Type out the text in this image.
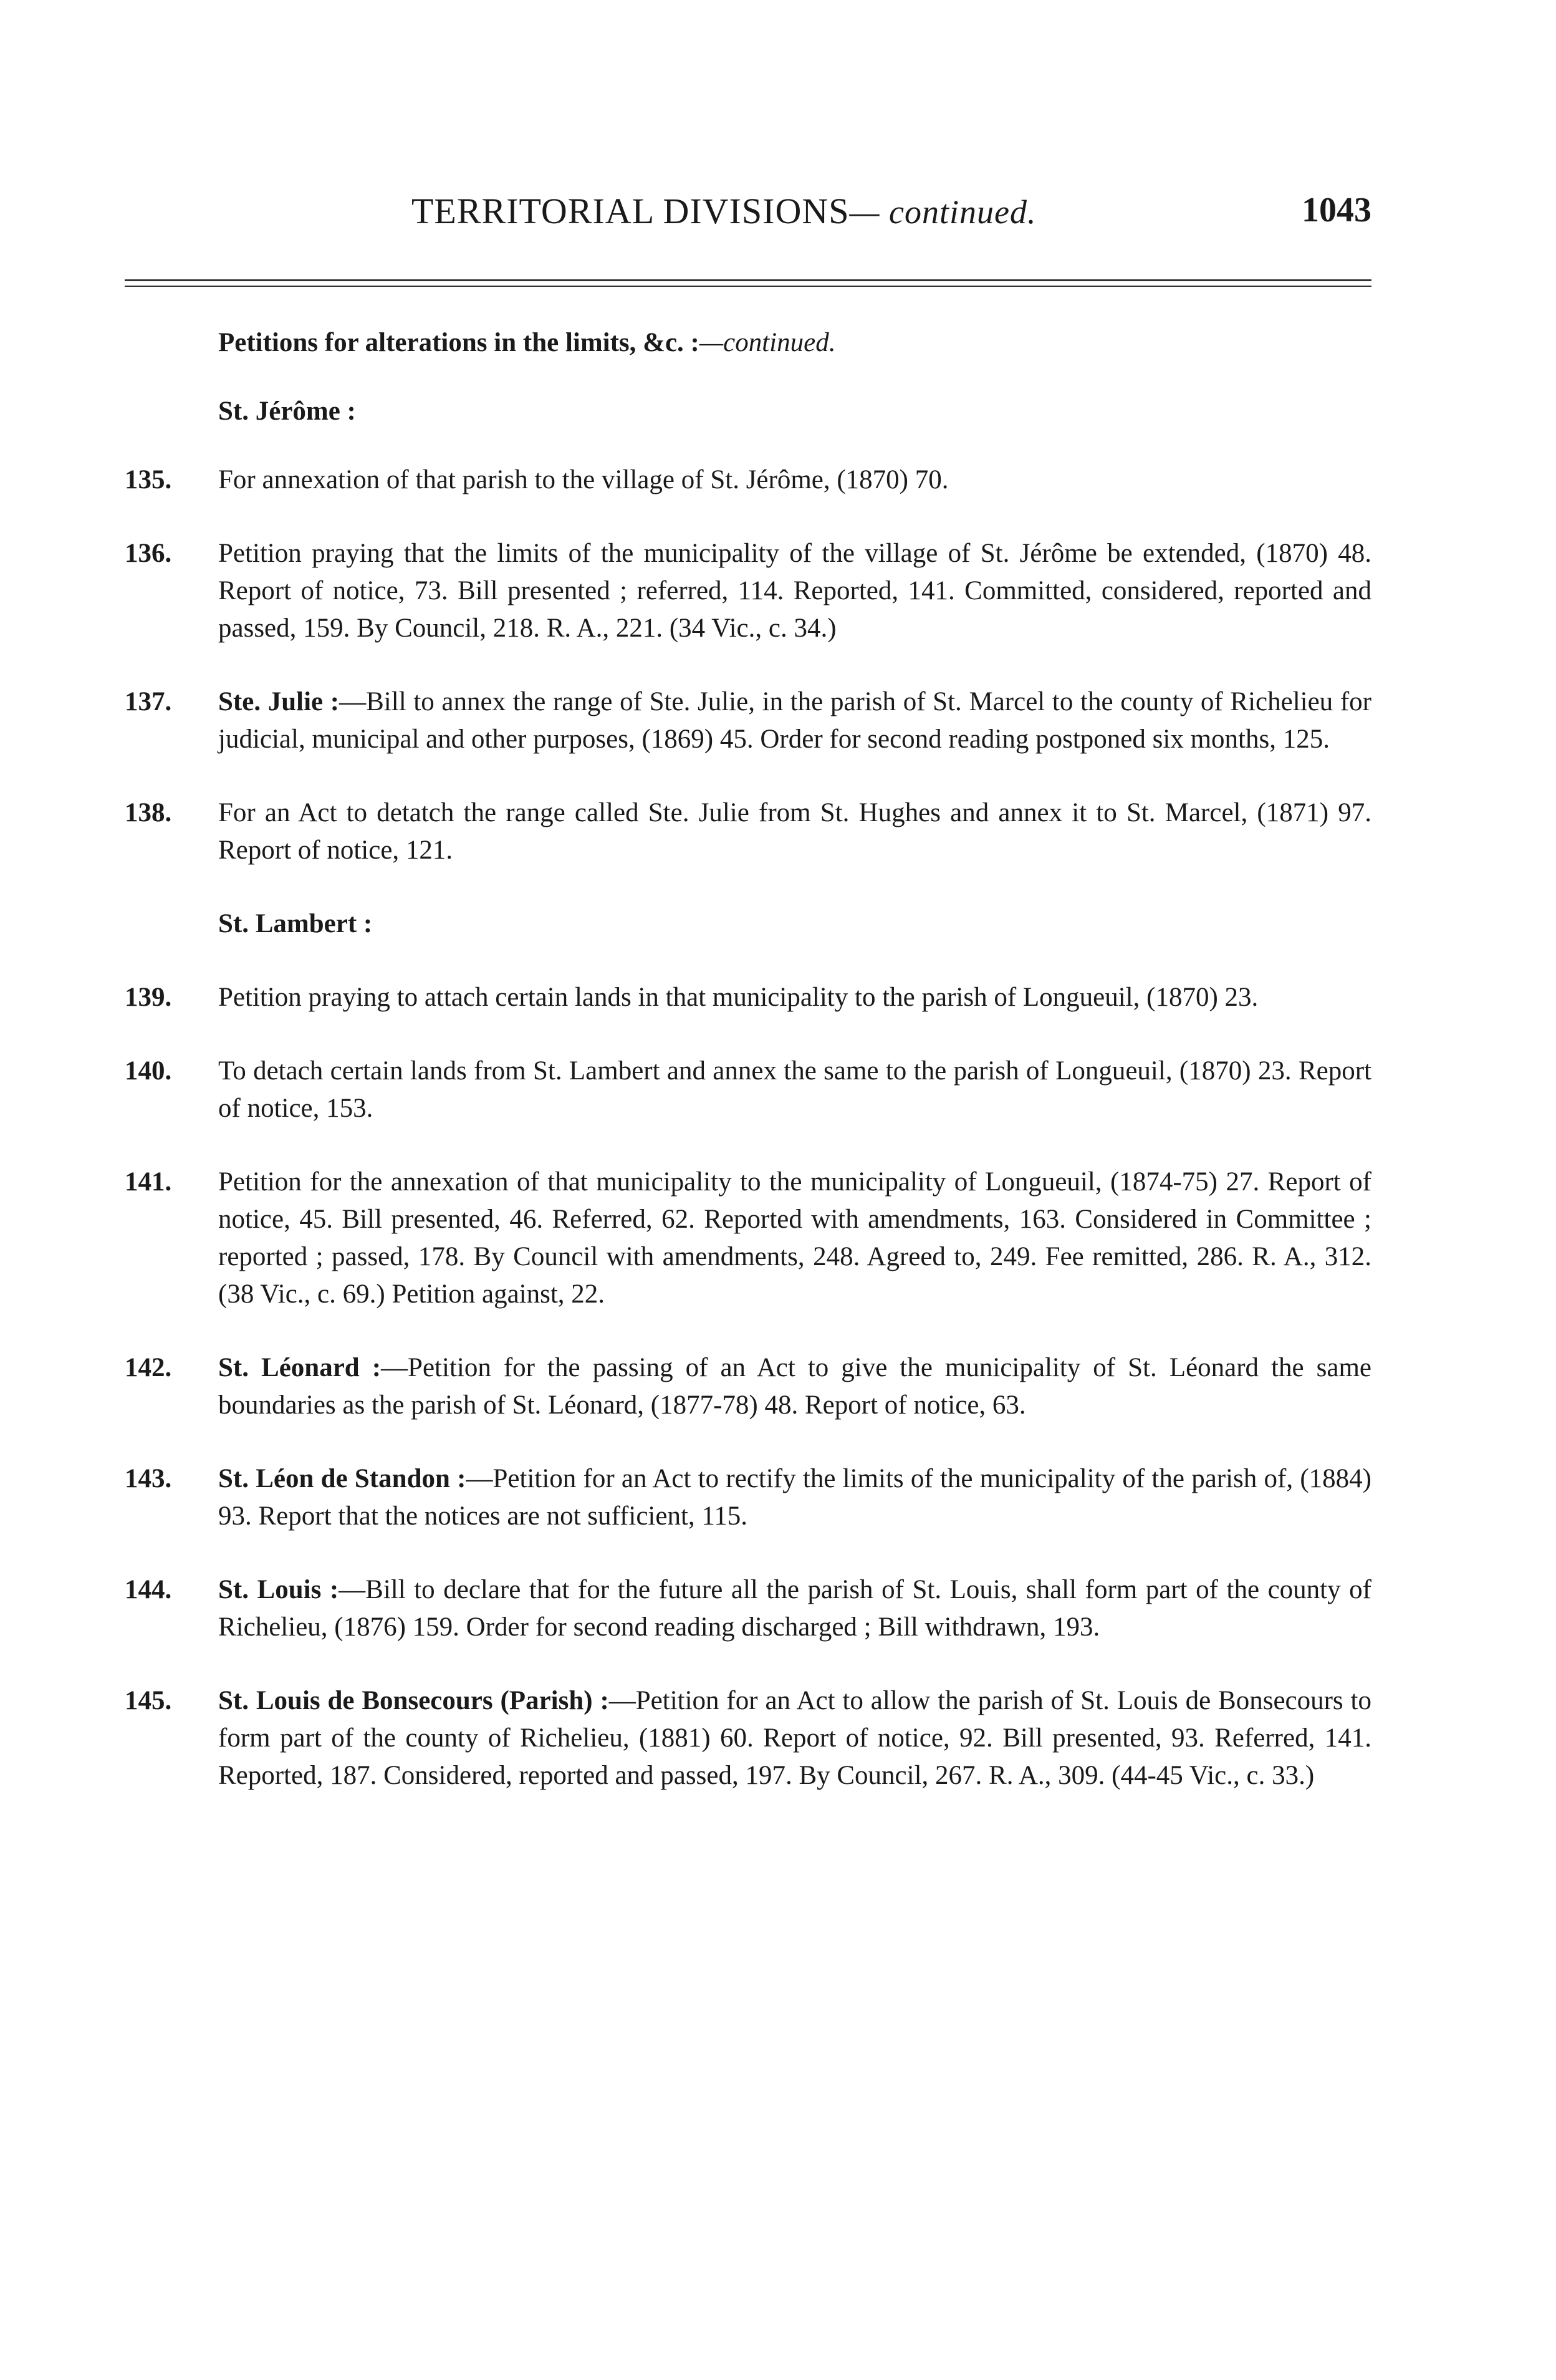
TERRITORIAL DIVISIONS— continued.	1043
Petitions for alterations in the limits, &c. :—continued.
St. Jérôme :
135. For annexation of that parish to the village of St. Jérôme, (1870) 70.
136. Petition praying that the limits of the municipality of the village of St. Jérôme be extended, (1870) 48. Report of notice, 73. Bill presented ; referred, 114. Reported, 141. Committed, considered, reported and passed, 159. By Council, 218. R. A., 221. (34 Vic., c. 34.)
137. Ste. Julie :—Bill to annex the range of Ste. Julie, in the parish of St. Marcel to the county of Richelieu for judicial, municipal and other purposes, (1869) 45. Order for second reading postponed six months, 125.
138. For an Act to detatch the range called Ste. Julie from St. Hughes and annex it to St. Marcel, (1871) 97. Report of notice, 121.
St. Lambert :
139. Petition praying to attach certain lands in that municipality to the parish of Longueuil, (1870) 23.
140. To detach certain lands from St. Lambert and annex the same to the parish of Longueuil, (1870) 23. Report of notice, 153.
141. Petition for the annexation of that municipality to the municipality of Longueuil, (1874-75) 27. Report of notice, 45. Bill presented, 46. Referred, 62. Reported with amendments, 163. Considered in Committee ; reported ; passed, 178. By Council with amendments, 248. Agreed to, 249. Fee remitted, 286. R. A., 312. (38 Vic., c. 69.) Petition against, 22.
142. St. Léonard :—Petition for the passing of an Act to give the municipality of St. Léonard the same boundaries as the parish of St. Léonard, (1877-78) 48. Report of notice, 63.
143. St. Léon de Standon :—Petition for an Act to rectify the limits of the municipality of the parish of, (1884) 93. Report that the notices are not sufficient, 115.
144. St. Louis :—Bill to declare that for the future all the parish of St. Louis, shall form part of the county of Richelieu, (1876) 159. Order for second reading discharged ; Bill withdrawn, 193.
145. St. Louis de Bonsecours (Parish) :—Petition for an Act to allow the parish of St. Louis de Bonsecours to form part of the county of Richelieu, (1881) 60. Report of notice, 92. Bill presented, 93. Referred, 141. Reported, 187. Considered, reported and passed, 197. By Council, 267. R. A., 309. (44-45 Vic., c. 33.)
